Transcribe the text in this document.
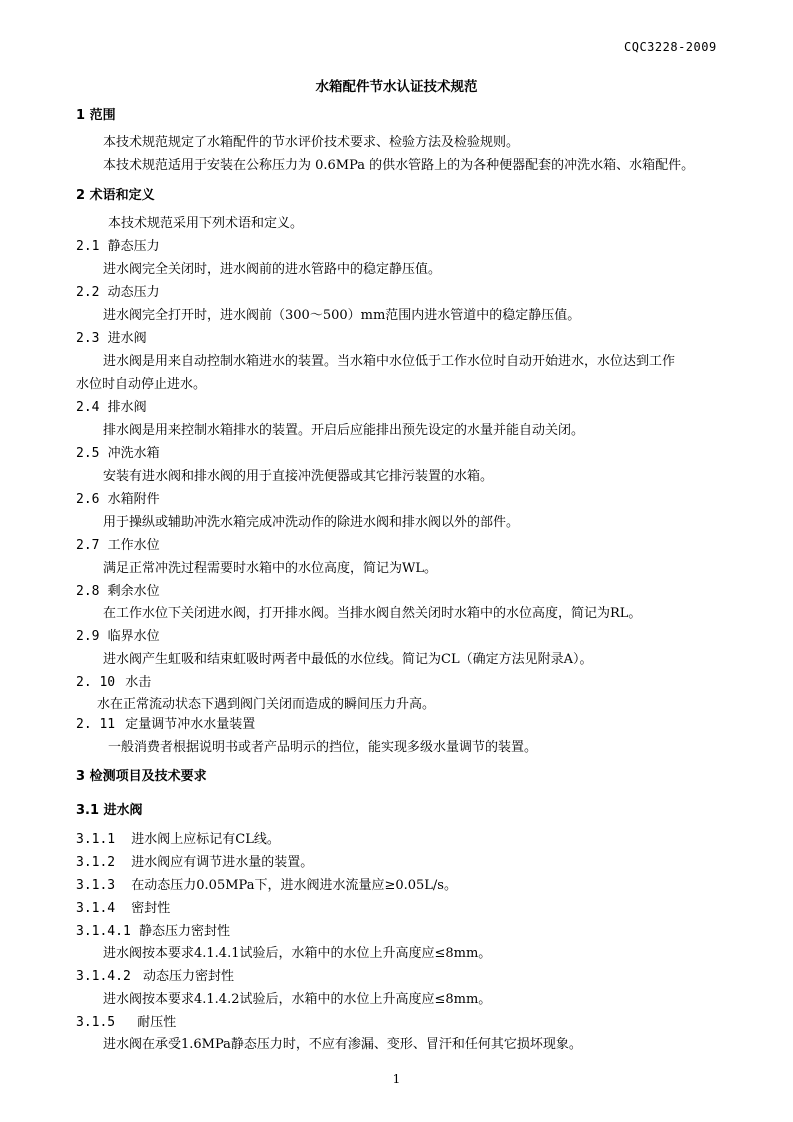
CQC3228-2009
水箱配件节水认证技术规范
1 范围
本技术规范规定了水箱配件的节水评价技术要求、检验方法及检验规则。
本技术规范适用于安装在公称压力为 0.6MPa 的供水管路上的为各种便器配套的冲洗水箱、水箱配件。
2 术语和定义
本技术规范采用下列术语和定义。
2.1 静态压力
进水阀完全关闭时，进水阀前的进水管路中的稳定静压值。
2.2 动态压力
进水阀完全打开时，进水阀前（300～500）mm范围内进水管道中的稳定静压值。
2.3 进水阀
进水阀是用来自动控制水箱进水的装置。当水箱中水位低于工作水位时自动开始进水，水位达到工作
水位时自动停止进水。
2.4 排水阀
排水阀是用来控制水箱排水的装置。开启后应能排出预先设定的水量并能自动关闭。
2.5 冲洗水箱
安装有进水阀和排水阀的用于直接冲洗便器或其它排污装置的水箱。
2.6 水箱附件
用于操纵或辅助冲洗水箱完成冲洗动作的除进水阀和排水阀以外的部件。
2.7 工作水位
满足正常冲洗过程需要时水箱中的水位高度，简记为WL。
2.8 剩余水位
在工作水位下关闭进水阀，打开排水阀。当排水阀自然关闭时水箱中的水位高度，简记为RL。
2.9 临界水位
进水阀产生虹吸和结束虹吸时两者中最低的水位线。简记为CL（确定方法见附录A）。
2. 10 水击
水在正常流动状态下遇到阀门关闭而造成的瞬间压力升高。
2. 11 定量调节冲水水量装置
一般消费者根据说明书或者产品明示的挡位，能实现多级水量调节的装置。
3 检测项目及技术要求
3.1 进水阀
3.1.1 进水阀上应标记有CL线。
3.1.2 进水阀应有调节进水量的装置。
3.1.3 在动态压力0.05MPa下，进水阀进水流量应≥0.05L/s。
3.1.4 密封性
3.1.4.1 静态压力密封性
进水阀按本要求4.1.4.1试验后，水箱中的水位上升高度应≤8mm。
3.1.4.2 动态压力密封性
进水阀按本要求4.1.4.2试验后，水箱中的水位上升高度应≤8mm。
3.1.5 耐压性
进水阀在承受1.6MPa静态压力时，不应有渗漏、变形、冒汗和任何其它损坏现象。
1
